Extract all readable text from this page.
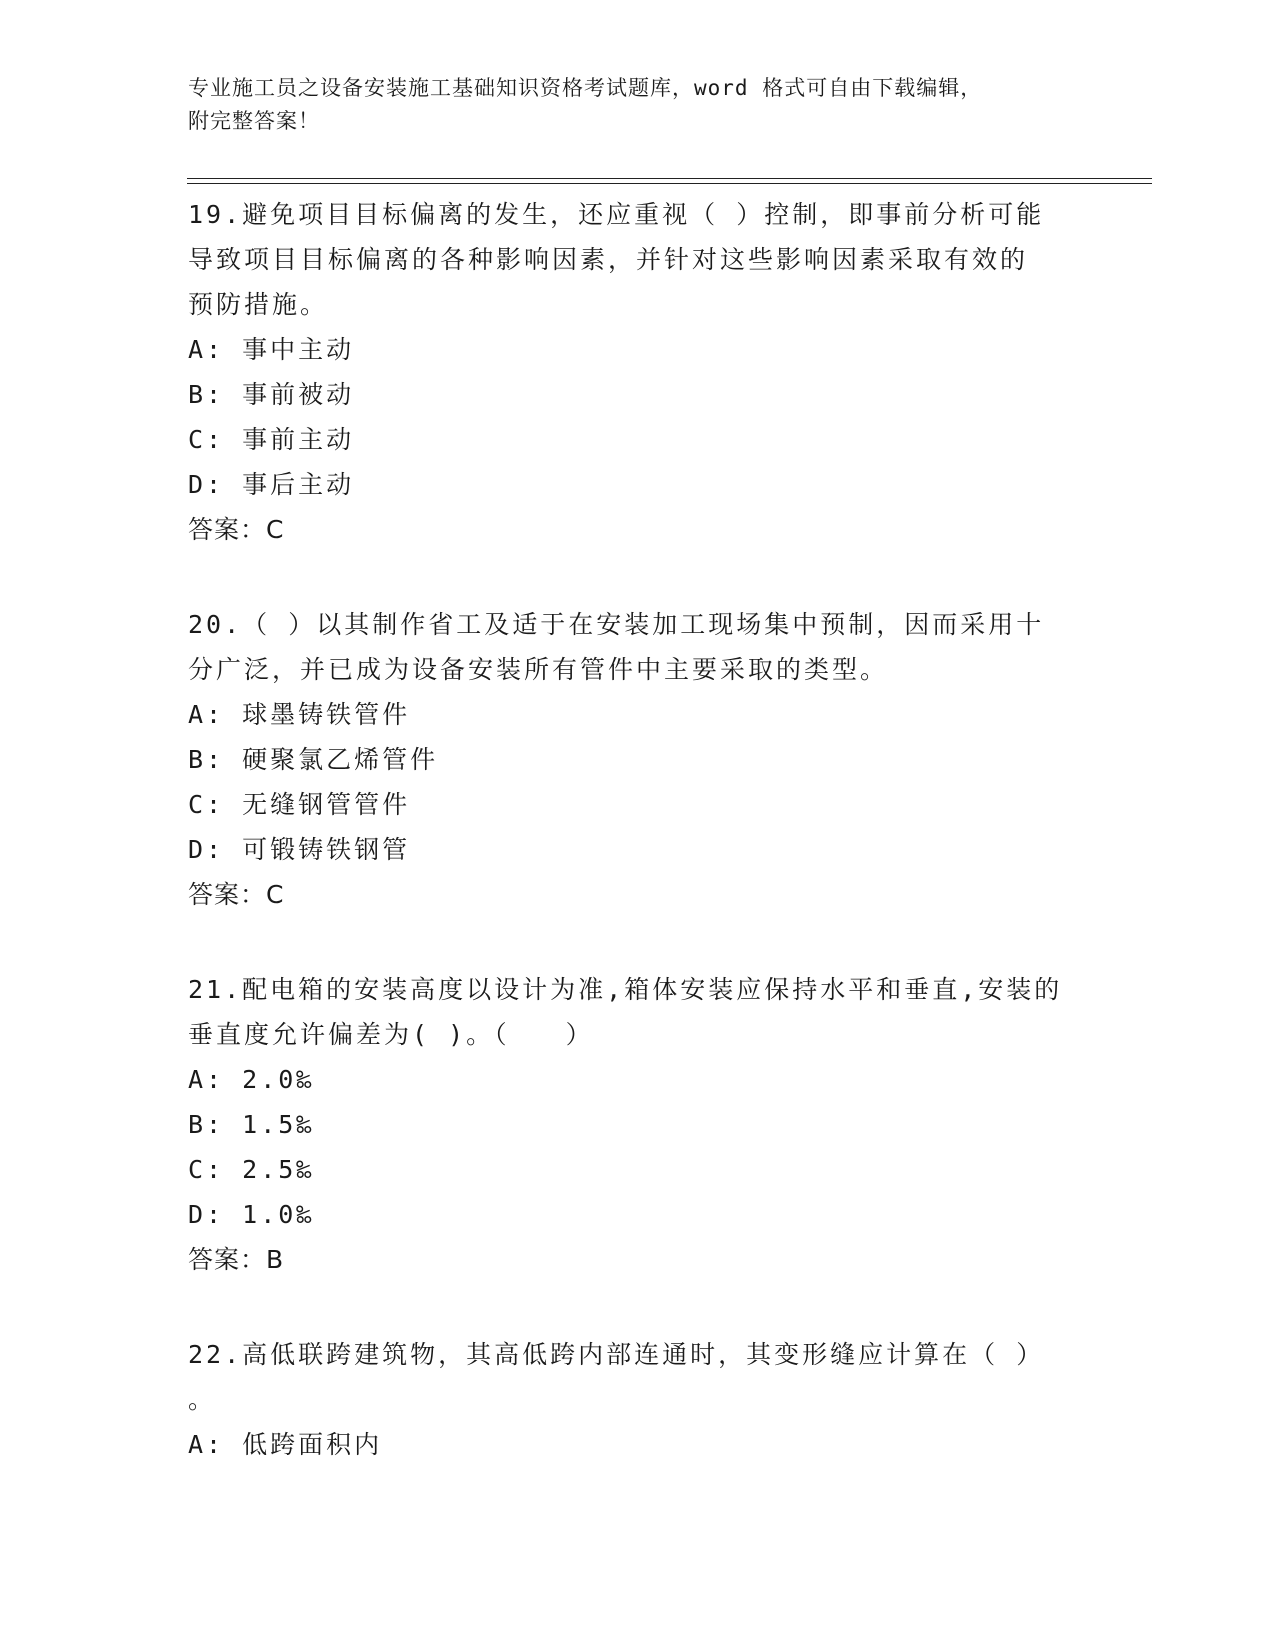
专业施工员之设备安装施工基础知识资格考试题库，word 格式可自由下载编辑，
附完整答案！
19.避免项目目标偏离的发生，还应重视（ ）控制，即事前分析可能
导致项目目标偏离的各种影响因素，并针对这些影响因素采取有效的
预防措施。
A: 事中主动
B: 事前被动
C: 事前主动
D: 事后主动
答案：C
20.（ ）以其制作省工及适于在安装加工现场集中预制，因而采用十
分广泛，并已成为设备安装所有管件中主要采取的类型。
A: 球墨铸铁管件
B: 硬聚氯乙烯管件
C: 无缝钢管管件
D: 可锻铸铁钢管
答案：C
21.配电箱的安装高度以设计为准,箱体安装应保持水平和垂直,安装的
垂直度允许偏差为( )。（　　）
A: 2.0‰
B: 1.5‰
C: 2.5‰
D: 1.0‰
答案：B
22.高低联跨建筑物，其高低跨内部连通时，其变形缝应计算在（ ）
。
A: 低跨面积内
